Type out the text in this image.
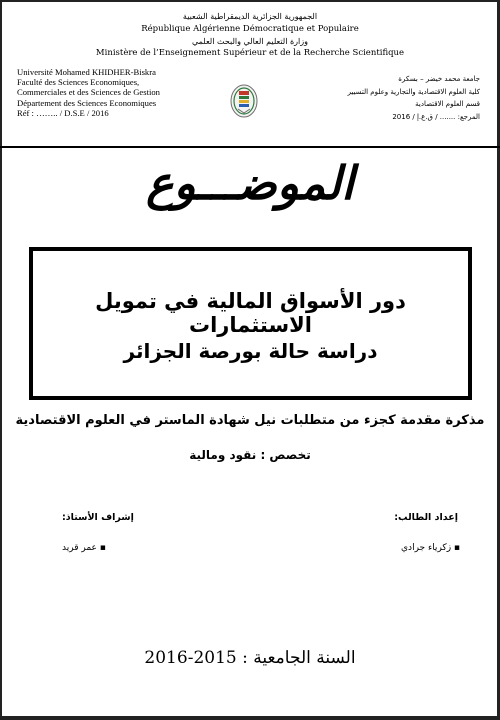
الجمهورية الجزائرية الديمقراطية الشعبية
République Algérienne Démocratique et Populaire
وزارة التعليم العالي والبحث العلمي
Ministère de l’Enseignement Supérieur et de la Recherche Scientifique
Université Mohamed KHIDHER-Biskra
Faculté des Sciences Economiques,
Commerciales et des Sciences de Gestion
Département des Sciences Economiques
Réf : …….. / D.S.E / 2016
جامعة محمد خيضر – بسكرة
كلية العلوم الاقتصادية والتجارية وعلوم التسيير
قسم العلوم الاقتصادية
المرجع: ....... / ق.ع.إ / 2016
الموضـــوع
دور الأسواق المالية في تمويل الاستثمارات
دراسة حالة بورصة الجزائر
مذكرة مقدمة كجزء من متطلبات نيل شهادة الماستر في العلوم الاقتصادية
تخصص : نقود ومالية
إعداد الطالب:
إشراف الأستاذ:
▪ زكرياء جرادي
▪ عمر قريد
السنة الجامعية : 2015-2016
